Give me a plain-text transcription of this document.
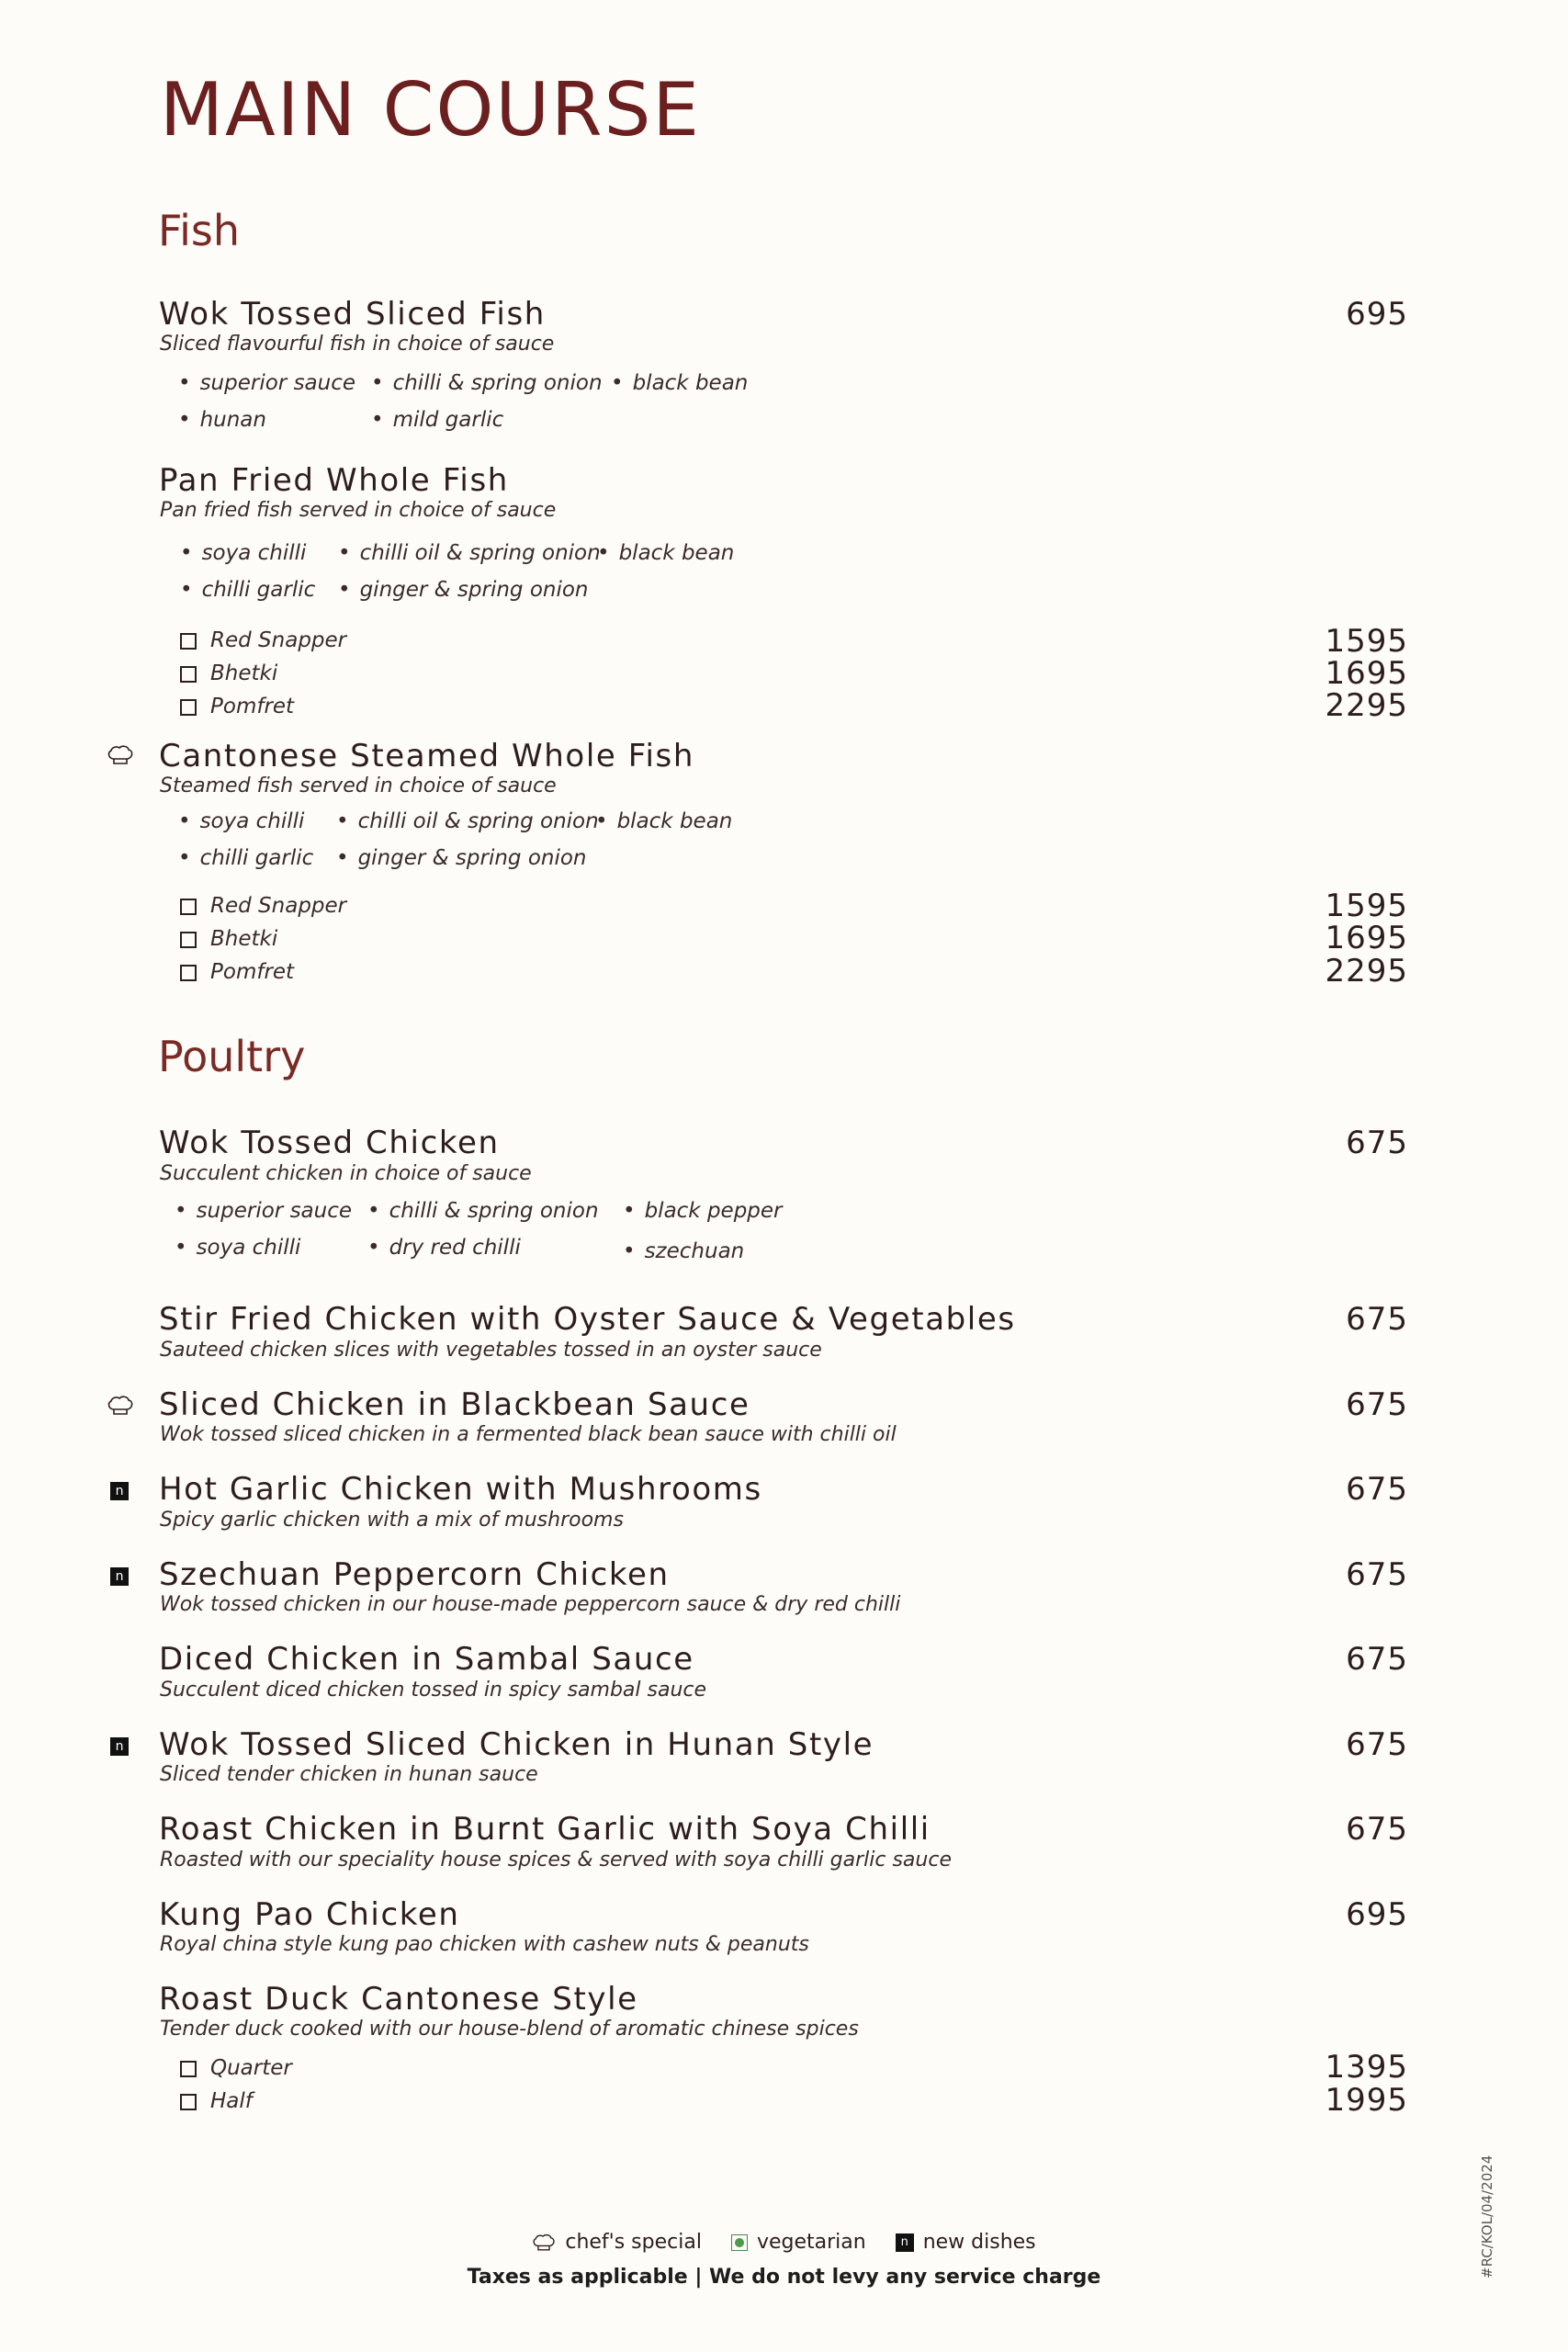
MAIN COURSE
Fish
Wok Tossed Sliced Fish	695
Sliced flavourful fish in choice of sauce
• superior sauce	• chilli & spring onion	• black bean
• hunan	• mild garlic
Pan Fried Whole Fish
Pan fried fish served in choice of sauce
• soya chilli	• chilli oil & spring onion • black bean
• chilli garlic	• ginger & spring onion
Red Snapper	1595
Bhetki	1695
Pomfret	2295
Cantonese Steamed Whole Fish
Steamed fish served in choice of sauce
• soya chilli	• chilli oil & spring onion • black bean
• chilli garlic	• ginger & spring onion
Red Snapper	1595
Bhetki	1695
Pomfret	2295
Poultry
Wok Tossed Chicken	675
Succulent chicken in choice of sauce
• superior sauce	• chilli & spring onion	• black pepper
• soya chilli	• dry red chilli	• szechuan
Stir Fried Chicken with Oyster Sauce & Vegetables	675
Sauteed chicken slices with vegetables tossed in an oyster sauce
Sliced Chicken in Blackbean Sauce	675
Wok tossed sliced chicken in a fermented black bean sauce with chilli oil
n Hot Garlic Chicken with Mushrooms	675
Spicy garlic chicken with a mix of mushrooms
n Szechuan Peppercorn Chicken	675
Wok tossed chicken in our house-made peppercorn sauce & dry red chilli
Diced Chicken in Sambal Sauce	675
Succulent diced chicken tossed in spicy sambal sauce
n Wok Tossed Sliced Chicken in Hunan Style	675
Sliced tender chicken in hunan sauce
Roast Chicken in Burnt Garlic with Soya Chilli	675
Roasted with our speciality house spices & served with soya chilli garlic sauce
Kung Pao Chicken	695
Royal china style kung pao chicken with cashew nuts & peanuts
Roast Duck Cantonese Style
Tender duck cooked with our house-blend of aromatic chinese spices
Quarter	1395
Half	1995
chef's special	vegetarian	n new dishes
Taxes as applicable | We do not levy any service charge	#RC/KOL/04/2024
